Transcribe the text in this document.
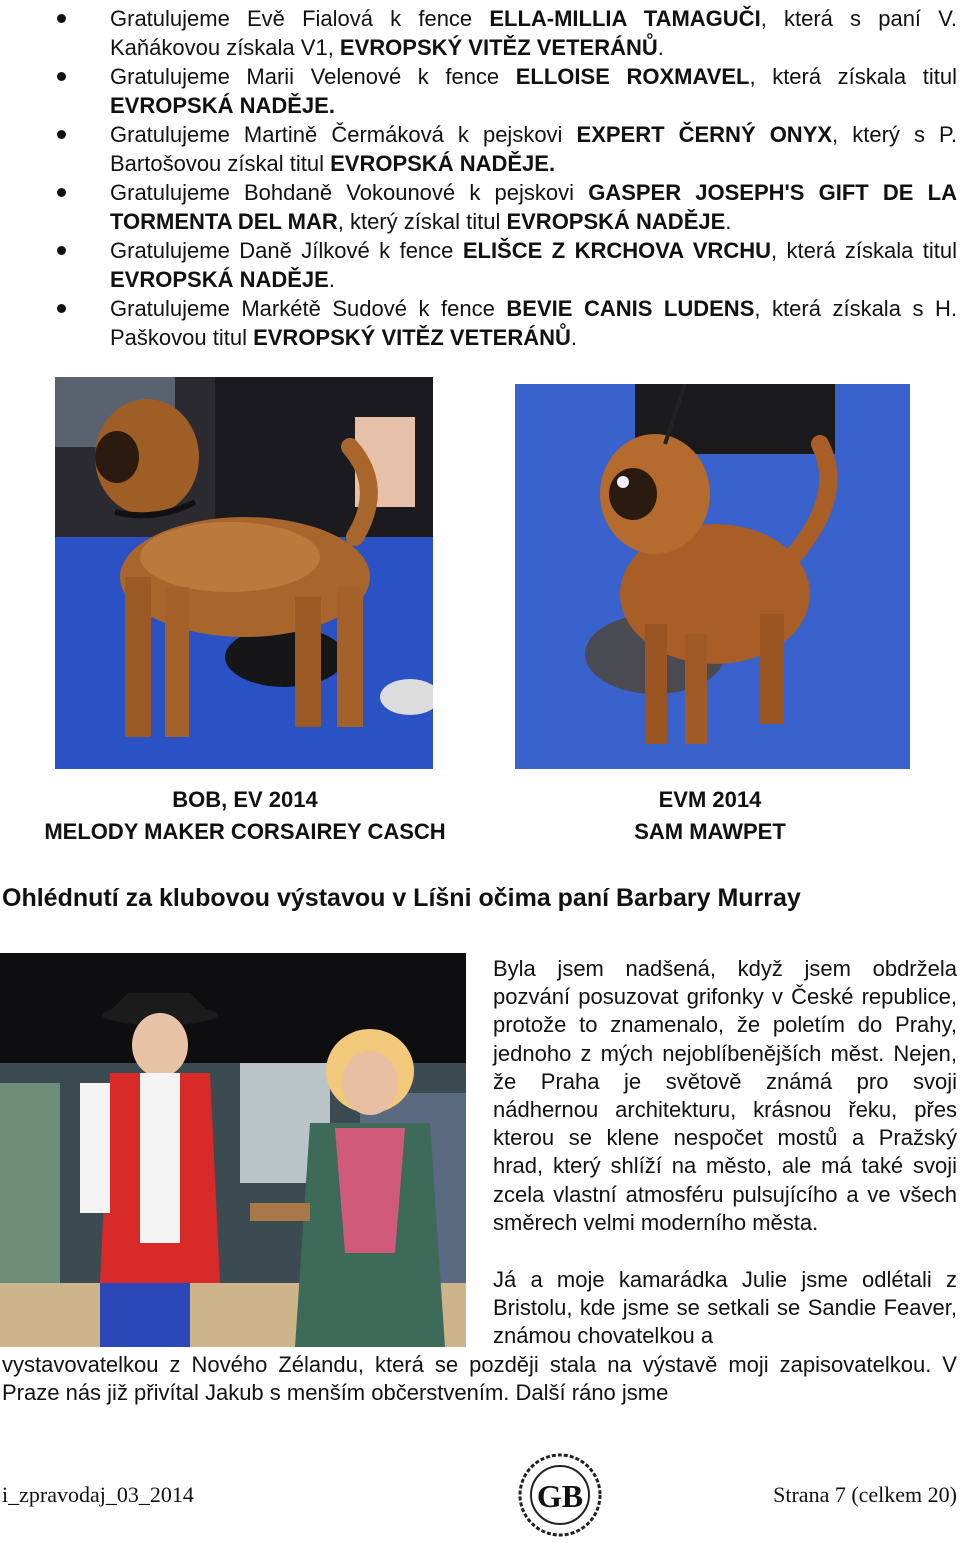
Gratulujeme Evě Fialová k fence ELLA-MILLIA TAMAGUČI, která s paní V. Kaňákovou získala V1, EVROPSKÝ VITĚZ VETERÁNŮ.
Gratulujeme Marii Velenové k fence ELLOISE ROXMAVEL, která získala titul EVROPSKÁ NADĚJE.
Gratulujeme Martině Čermáková k pejskovi EXPERT ČERNÝ ONYX, který s P. Bartošovou získal titul EVROPSKÁ NADĚJE.
Gratulujeme Bohdaně Vokounové k pejskovi GASPER JOSEPH'S GIFT DE LA TORMENTA DEL MAR, který získal titul EVROPSKÁ NADĚJE.
Gratulujeme Daně Jílkové k fence ELIŠCE Z KRCHOVA VRCHU, která získala titul EVROPSKÁ NADĚJE.
Gratulujeme Markétě Sudové k fence BEVIE CANIS LUDENS, která získala s H. Paškovou titul EVROPSKÝ VITĚZ VETERÁNŮ.
BOB, EV 2014
MELODY MAKER CORSAIREY CASCH
EVM 2014
SAM MAWPET
Ohlédnutí za klubovou výstavou v Líšni očima paní Barbary Murray
Byla jsem nadšená, když jsem obdržela pozvání posuzovat grifonky v České republice, protože to znamenalo, že poletím do Prahy, jednoho z mých nejoblíbenějších měst. Nejen, že Praha je světově známá pro svoji nádhernou architekturu, krásnou řeku, přes kterou se klene nespočet mostů a Pražský hrad, který shlíží na město, ale má také svoji zcela vlastní atmosféru pulsujícího a ve všech směrech velmi moderního města.
Já a moje kamarádka Julie jsme odlétali z Bristolu, kde jsme se setkali se Sandie Feaver, známou chovatelkou a
vystavovatelkou z Nového Zélandu, která se později stala na výstavě moji zapisovatelkou. V Praze nás již přivítal Jakub s menším občerstvením. Další ráno jsme
i_zpravodaj_03_2014	GB	Strana 7 (celkem 20)
